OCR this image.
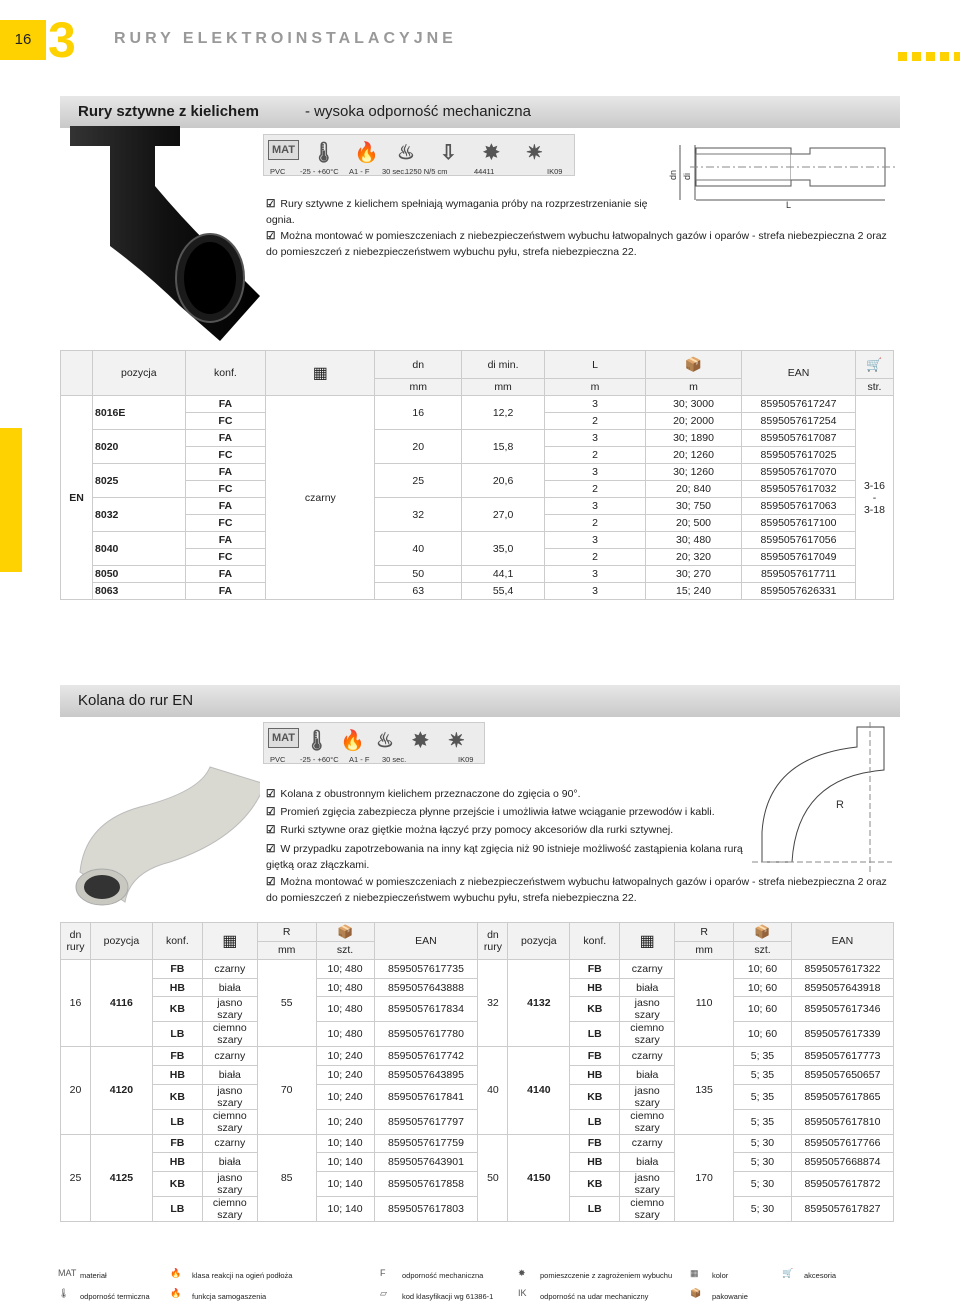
16 3 RURY ELEKTROINSTALACYJNE
Rury sztywne z kielichem	- wysoka odporność mechaniczna
MAT 🌡 🔥 ♨ ⇩ ✸ ✷
PVC -25 - +60°C A1 - F 30 sec.
1250 N/5 cm	44411	IK09
L
dn di
☑ Rury sztywne z kielichem spełniają wymagania próby na rozprzestrzenianie się ognia.
☑ Można montować w pomieszczeniach z niebezpieczeństwem wybuchu łatwopalnych gazów i oparów - strefa niebezpieczna 2 oraz do pomieszczeń z niebezpieczeństwem wybuchu pyłu, strefa niebezpieczna 22.
	pozycja	konf.	▦	dn	di min.	L	📦	EAN	🛒
				mm	mm	m	m		str.
EN	8016E	FA	czarny	16	12,2	3	30; 3000	8595057617247	3-16
-
3-18
		FC				2	20; 2000	8595057617254	
	8020	FA		20	15,8	3	30; 1890	8595057617087	
		FC				2	20; 1260	8595057617025	
	8025	FA		25	20,6	3	30; 1260	8595057617070	
		FC				2	20; 840	8595057617032	
	8032	FA		32	27,0	3	30; 750	8595057617063	
		FC				2	20; 500	8595057617100	
	8040	FA		40	35,0	3	30; 480	8595057617056	
		FC				2	20; 320	8595057617049	
	8050	FA		50	44,1	3	30; 270	8595057617711	
	8063	FA		63	55,4	3	15; 240	8595057626331	
Kolana do rur EN
MAT 🌡 🔥 ♨ ✸ ✷
PVC -25 - +60°C A1 - F 30 sec.	IK09
R
☑ Kolana z obustronnym kielichem przeznaczone do zgięcia o 90°.
☑ Promień zgięcia zabezpiecza płynne przejście i umożliwia łatwe wciąganie przewodów i kabli.
☑ Rurki sztywne oraz giętkie można łączyć przy pomocy akcesoriów dla rurki sztywnej.
☑ W przypadku zapotrzebowania na inny kąt zgięcia niż 90 istnieje możliwość zastąpienia kolana rurą giętką oraz złączkami.
☑ Można montować w pomieszczeniach z niebezpieczeństwem wybuchu łatwopalnych gazów i oparów - strefa niebezpieczna 2 oraz do pomieszczeń z niebezpieczeństwem wybuchu pyłu, strefa niebezpieczna 22.
dn
rury	pozycja	konf.	▦	R	📦	EAN	dn
rury	pozycja	konf.	▦	R	📦	EAN
				mm	szt.						mm	szt.	
16	4116	FB	czarny	55	10; 480	8595057617735	32	4132	FB	czarny	110	10; 60	8595057617322
		HB	biała		10; 480	8595057643888			HB	biała		10; 60	8595057643918
		KB	jasno szary		10; 480	8595057617834			KB	jasno szary		10; 60	8595057617346
		LB	ciemno szary		10; 480	8595057617780			LB	ciemno szary		10; 60	8595057617339
20	4120	FB	czarny	70	10; 240	8595057617742	40	4140	FB	czarny	135	5; 35	8595057617773
		HB	biała		10; 240	8595057643895			HB	biała		5; 35	8595057650657
		KB	jasno szary		10; 240	8595057617841			KB	jasno szary		5; 35	8595057617865
		LB	ciemno szary		10; 240	8595057617797			LB	ciemno szary		5; 35	8595057617810
25	4125	FB	czarny	85	10; 140	8595057617759	50	4150	FB	czarny	170	5; 30	8595057617766
		HB	biała		10; 140	8595057643901			HB	biała		5; 30	8595057668874
		KB	jasno szary		10; 140	8595057617858			KB	jasno szary		5; 30	8595057617872
		LB	ciemno szary		10; 140	8595057617803			LB	ciemno szary		5; 30	8595057617827
MAT materiał	🔥 klasa reakcji na ogień podłoża	F odporność mechaniczna	✸ pomieszczenie z zagrożeniem wybuchu ▦ kolor	🛒 akcesoria
🌡 odporność termiczna 🔥 funkcja samogaszenia	▱ kod klasyfikacji wg 61386-1	IK odporność na udar mechaniczny	📦 pakowanie
